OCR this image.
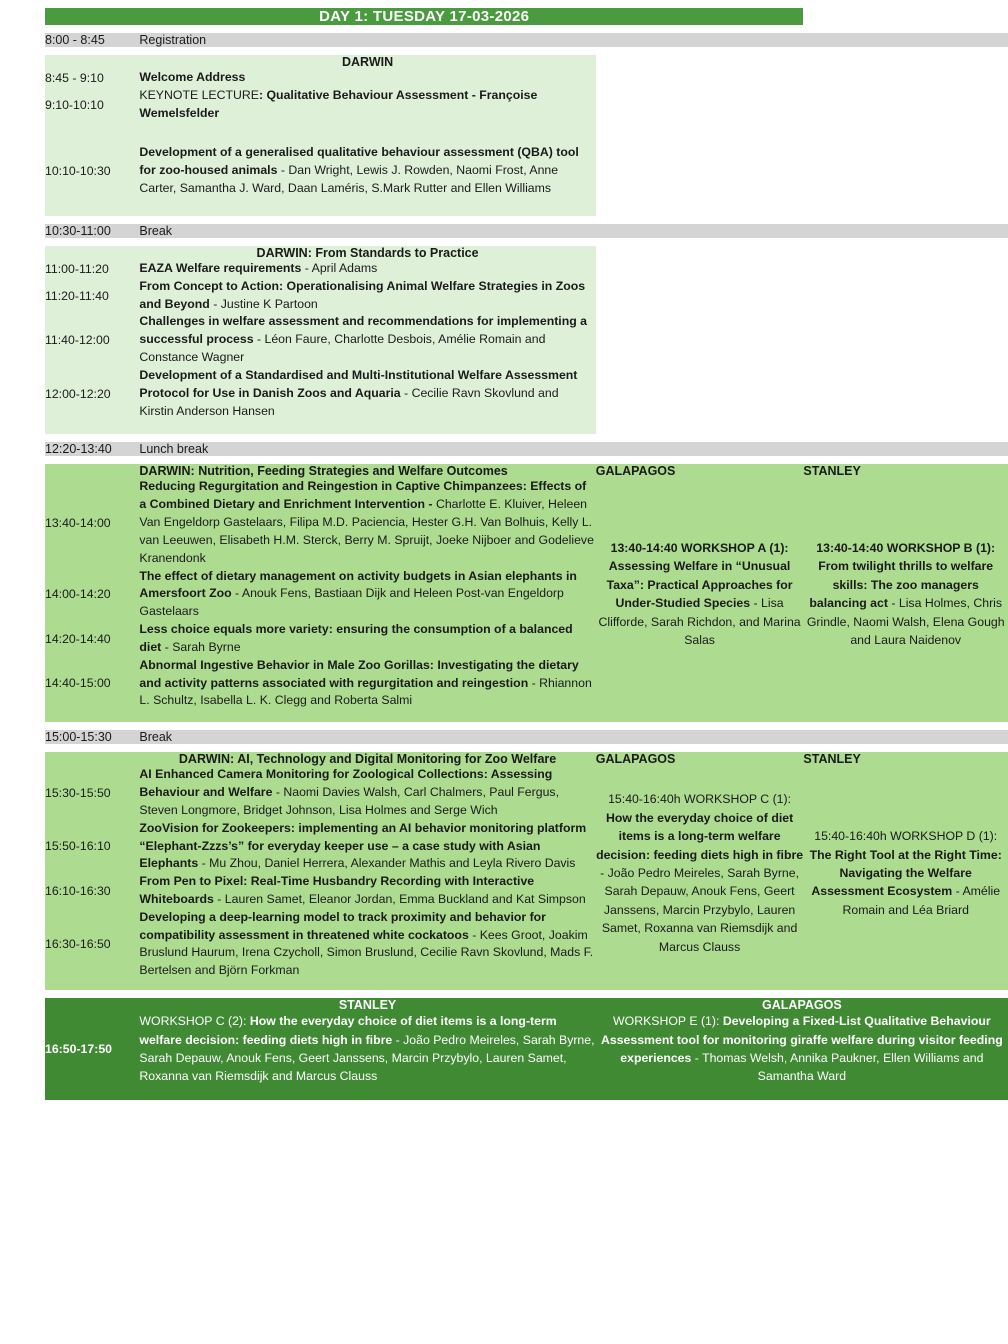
DAY 1: TUESDAY 17-03-2026			

8:00 - 8:45	Registration		

	DARWIN		
8:45 - 9:10	Welcome Address		
9:10-10:10	KEYNOTE LECTURE: Qualitative Behaviour Assessment - Françoise Wemelsfelder		

10:10-10:30	Development of a generalised qualitative behaviour assessment (QBA) tool for zoo-housed animals - Dan Wright, Lewis J. Rowden, Naomi Frost, Anne Carter, Samantha J. Ward, Daan Laméris, S.Mark Rutter and Ellen Williams		

10:30-11:00	Break		

	DARWIN: From Standards to Practice		
11:00-11:20	EAZA Welfare requirements - April Adams		
11:20-11:40	From Concept to Action: Operationalising Animal Welfare Strategies in Zoos and Beyond - Justine K Partoon		
11:40-12:00	Challenges in welfare assessment and recommendations for implementing a successful process - Léon Faure, Charlotte Desbois, Amélie Romain and Constance Wagner		
12:00-12:20	Development of a Standardised and Multi-Institutional Welfare Assessment Protocol for Use in Danish Zoos and Aquaria - Cecilie Ravn Skovlund and Kirstin Anderson Hansen		

12:20-13:40	Lunch break		

	DARWIN: Nutrition, Feeding Strategies and Welfare Outcomes	GALAPAGOS	STANLEY
13:40-14:00	Reducing Regurgitation and Reingestion in Captive Chimpanzees: Effects of a Combined Dietary and Enrichment Intervention - Charlotte E. Kluiver, Heleen Van Engeldorp Gastelaars, Filipa M.D. Paciencia, Hester G.H. Van Bolhuis, Kelly L. van Leeuwen, Elisabeth H.M. Sterck, Berry M. Spruijt, Joeke Nijboer and Godelieve Kranendonk	13:40-14:40 WORKSHOP A (1): Assessing Welfare in “Unusual Taxa”: Practical Approaches for Under-Studied Species - Lisa Clifforde, Sarah Richdon, and Marina Salas	13:40-14:40 WORKSHOP B (1): From twilight thrills to welfare skills: The zoo managers balancing act - Lisa Holmes, Chris Grindle, Naomi Walsh, Elena Gough and Laura Naidenov
14:00-14:20	The effect of dietary management on activity budgets in Asian elephants in Amersfoort Zoo - Anouk Fens, Bastiaan Dijk and Heleen Post-van Engeldorp Gastelaars		
14:20-14:40	Less choice equals more variety: ensuring the consumption of a balanced diet - Sarah Byrne		
14:40-15:00	Abnormal Ingestive Behavior in Male Zoo Gorillas: Investigating the dietary and activity patterns associated with regurgitation and reingestion - Rhiannon L. Schultz, Isabella L. K. Clegg and Roberta Salmi		

15:00-15:30	Break		

	DARWIN: AI, Technology and Digital Monitoring for Zoo Welfare	GALAPAGOS	STANLEY
15:30-15:50	AI Enhanced Camera Monitoring for Zoological Collections: Assessing Behaviour and Welfare - Naomi Davies Walsh, Carl Chalmers, Paul Fergus, Steven Longmore, Bridget Johnson, Lisa Holmes and Serge Wich	15:40-16:40h WORKSHOP C (1): How the everyday choice of diet items is a long-term welfare decision: feeding diets high in fibre - João Pedro Meireles, Sarah Byrne, Sarah Depauw, Anouk Fens, Geert Janssens, Marcin Przybylo, Lauren Samet, Roxanna van Riemsdijk and Marcus Clauss	15:40-16:40h WORKSHOP D (1): The Right Tool at the Right Time: Navigating the Welfare Assessment Ecosystem - Amélie Romain and Léa Briard
15:50-16:10	ZooVision for Zookeepers: implementing an AI behavior monitoring platform “Elephant-Zzzs’s” for everyday keeper use – a case study with Asian Elephants - Mu Zhou, Daniel Herrera, Alexander Mathis and Leyla Rivero Davis		
16:10-16:30	From Pen to Pixel: Real-Time Husbandry Recording with Interactive Whiteboards - Lauren Samet, Eleanor Jordan, Emma Buckland and Kat Simpson		
16:30-16:50	Developing a deep-learning model to track proximity and behavior for compatibility assessment in threatened white cockatoos - Kees Groot, Joakim Bruslund Haurum, Irena Czycholl, Simon Bruslund, Cecilie Ravn Skovlund, Mads F. Bertelsen and Björn Forkman		

	STANLEY	GALAPAGOS	
16:50-17:50	WORKSHOP C (2): How the everyday choice of diet items is a long-term welfare decision: feeding diets high in fibre - João Pedro Meireles, Sarah Byrne, Sarah Depauw, Anouk Fens, Geert Janssens, Marcin Przybylo, Lauren Samet, Roxanna van Riemsdijk and Marcus Clauss	WORKSHOP E (1): Developing a Fixed-List Qualitative Behaviour Assessment tool for monitoring giraffe welfare during visitor feeding experiences - Thomas Welsh, Annika Paukner, Ellen Williams and Samantha Ward
